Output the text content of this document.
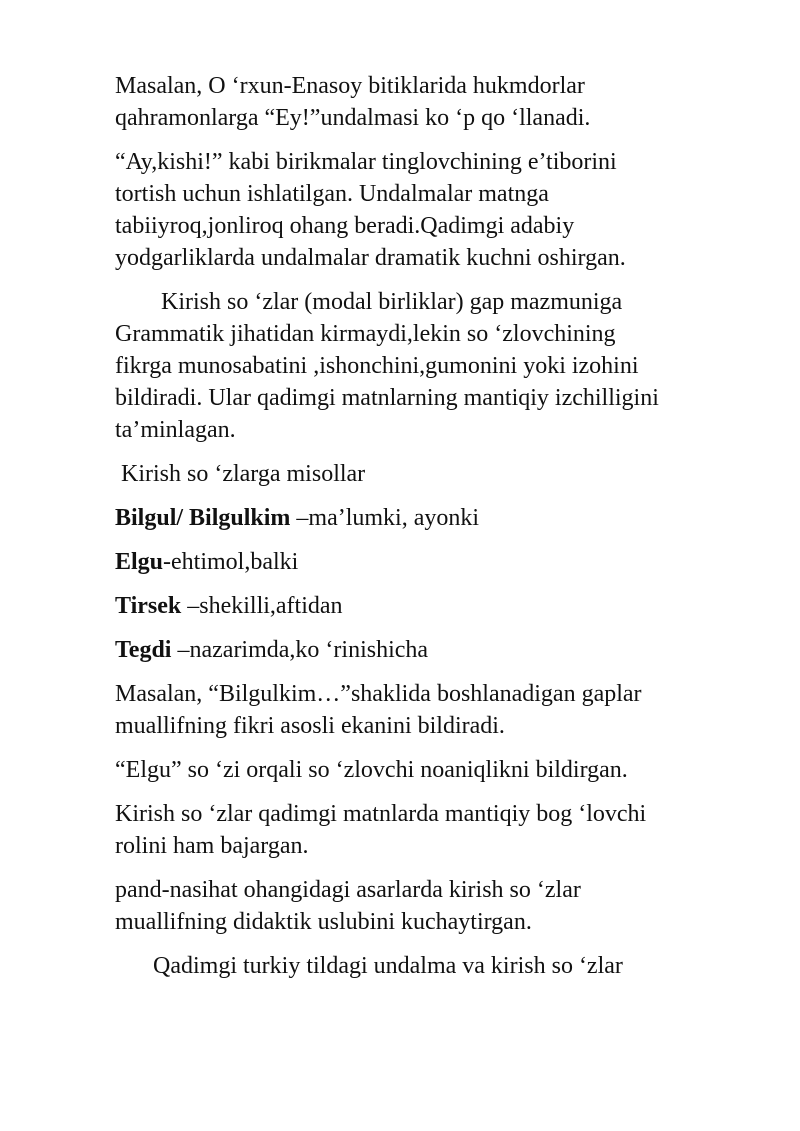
Masalan, O ‘rxun-Enasoy bitiklarida hukmdorlar
qahramonlarga “Ey!”undalmasi ko ‘p qo ‘llanadi.

“Ay,kishi!” kabi birikmalar tinglovchining e’tiborini
tortish uchun ishlatilgan. Undalmalar matnga
tabiiyroq,jonliroq ohang beradi.Qadimgi adabiy
yodgarliklarda undalmalar dramatik kuchni oshirgan.

Kirish so ‘zlar (modal birliklar) gap mazmuniga
Grammatik jihatidan kirmaydi,lekin so ‘zlovchining
fikrga munosabatini ,ishonchini,gumonini yoki izohini
bildiradi. Ular qadimgi matnlarning mantiqiy izchilligini
ta’minlagan.

Kirish so ‘zlarga misollar

Bilgul/ Bilgulkim –ma’lumki, ayonki

Elgu-ehtimol,balki

Tirsek –shekilli,aftidan

Tegdi –nazarimda,ko ‘rinishicha

Masalan, “Bilgulkim…”shaklida boshlanadigan gaplar
muallifning fikri asosli ekanini bildiradi.

“Elgu” so ‘zi orqali so ‘zlovchi noaniqlikni bildirgan.

Kirish so ‘zlar qadimgi matnlarda mantiqiy bog ‘lovchi
rolini ham bajargan.

pand-nasihat ohangidagi asarlarda kirish so ‘zlar
muallifning didaktik uslubini kuchaytirgan.

Qadimgi turkiy tildagi undalma va kirish so ‘zlar
